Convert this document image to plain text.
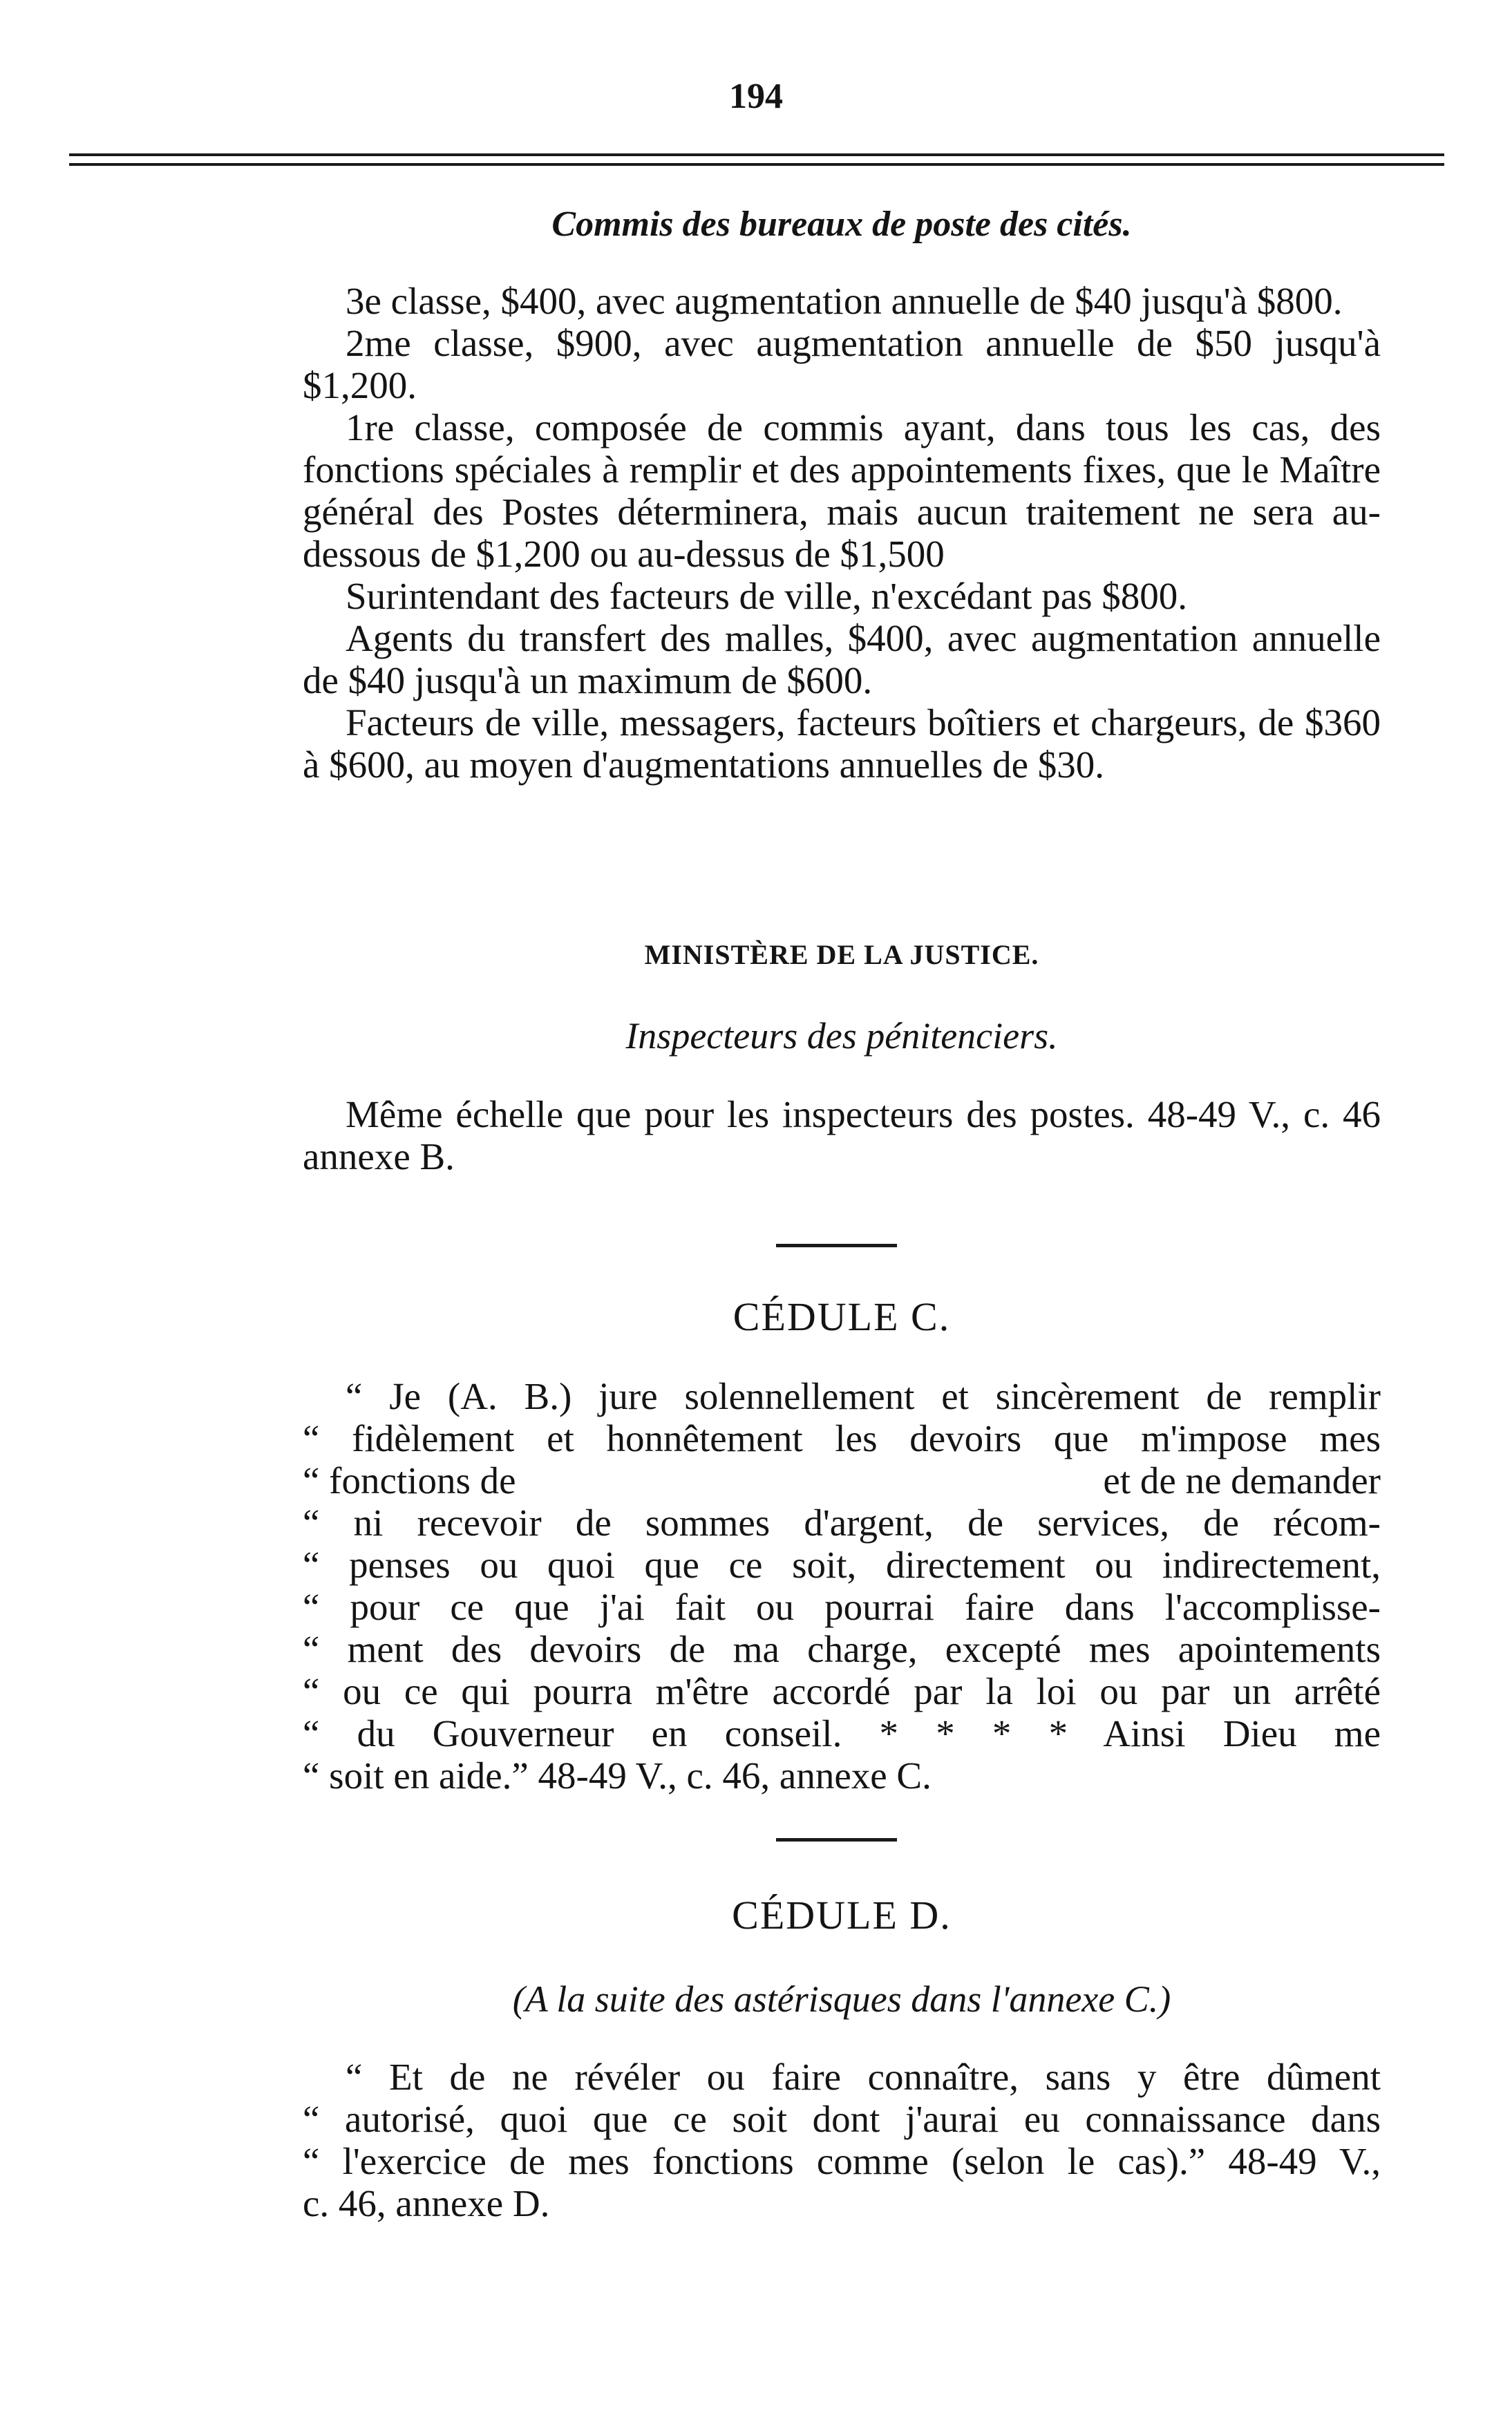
194

Commis des bureaux de poste des cités.

3e classe, $400, avec augmentation annuelle de $40 jusqu'à $800.

2me classe, $900, avec augmentation annuelle de $50 jusqu'à $1,200.

1re classe, composée de commis ayant, dans tous les cas, des fonctions spéciales à remplir et des appointements fixes, que le Maître général des Postes déterminera, mais aucun traitement ne sera au-dessous de $1,200 ou au-dessus de $1,500

Surintendant des facteurs de ville, n'excédant pas $800.

Agents du transfert des malles, $400, avec augmentation annuelle de $40 jusqu'à un maximum de $600.

Facteurs de ville, messagers, facteurs boîtiers et chargeurs, de $360 à $600, au moyen d'augmentations annuelles de $30.

MINISTÈRE DE LA JUSTICE.
Inspecteurs des pénitenciers.

Même échelle que pour les inspecteurs des postes. 48-49 V., c. 46 annexe B.

CÉDULE C.
“ Je (A. B.) jure solennellement et sincèrement de remplir
“ fidèlement et honnêtement les devoirs que m'impose mes
“ fonctions de	et de ne demander
“ ni recevoir de sommes d'argent, de services, de récom-
“ penses ou quoi que ce soit, directement ou indirectement,
“ pour ce que j'ai fait ou pourrai faire dans l'accomplisse-
“ ment des devoirs de ma charge, excepté mes apointements
“ ou ce qui pourra m'être accordé par la loi ou par un arrêté
“ du Gouverneur en conseil. * * * * Ainsi Dieu me
“ soit en aide.” 48-49 V., c. 46, annexe C.
CÉDULE D.
(A la suite des astérisques dans l'annexe C.)
“ Et de ne révéler ou faire connaître, sans y être dûment
“ autorisé, quoi que ce soit dont j'aurai eu connaissance dans
“ l'exercice de mes fonctions comme (selon le cas).” 48-49 V.,
c. 46, annexe D.
